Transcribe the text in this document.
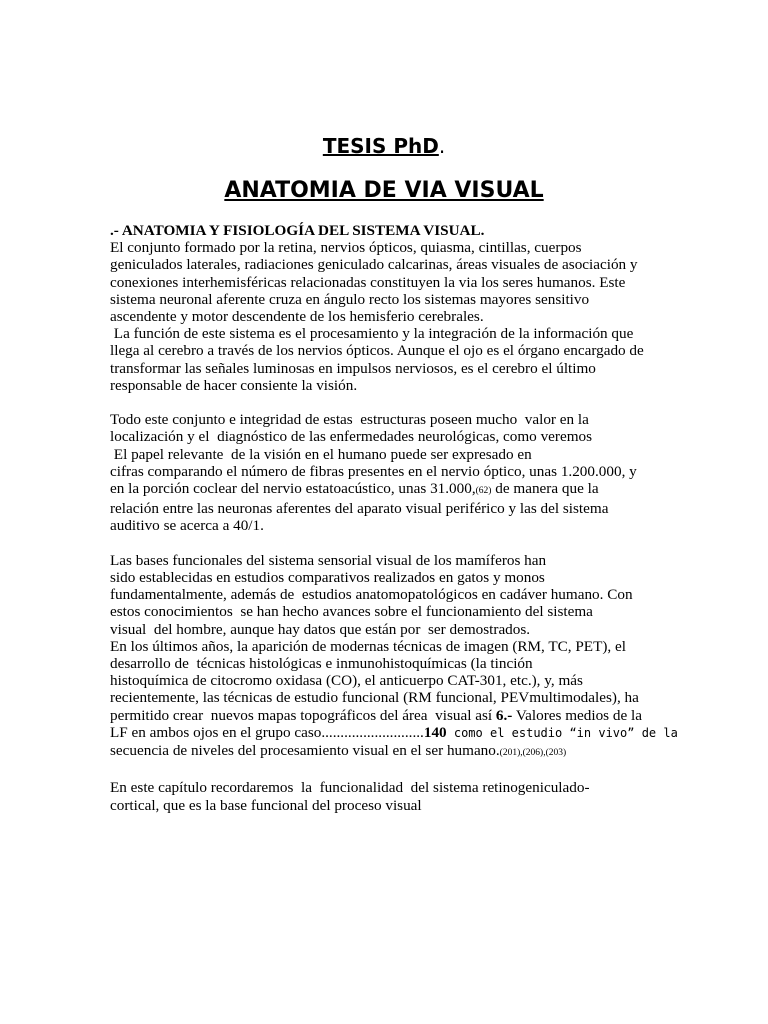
TESIS PhD.
ANATOMIA DE VIA VISUAL
.- ANATOMIA Y FISIOLOGÍA DEL SISTEMA VISUAL.
El conjunto formado por la retina, nervios ópticos, quiasma, cintillas, cuerpos
geniculados laterales, radiaciones geniculado calcarinas, áreas visuales de asociación y
conexiones interhemisféricas relacionadas constituyen la via los seres humanos. Este
sistema neuronal aferente cruza en ángulo recto los sistemas mayores sensitivo
ascendente y motor descendente de los hemisferio cerebrales.
La función de este sistema es el procesamiento y la integración de la información que
llega al cerebro a través de los nervios ópticos. Aunque el ojo es el órgano encargado de
transformar las señales luminosas en impulsos nerviosos, es el cerebro el último
responsable de hacer consiente la visión.
Todo este conjunto e integridad de estas  estructuras poseen mucho  valor en la
localización y el  diagnóstico de las enfermedades neurológicas, como veremos
El papel relevante  de la visión en el humano puede ser expresado en
cifras comparando el número de fibras presentes en el nervio óptico, unas 1.200.000, y
en la porción coclear del nervio estatoacústico, unas 31.000,(62) de manera que la
relación entre las neuronas aferentes del aparato visual periférico y las del sistema
auditivo se acerca a 40/1.
Las bases funcionales del sistema sensorial visual de los mamíferos han
sido establecidas en estudios comparativos realizados en gatos y monos
fundamentalmente, además de  estudios anatomopatológicos en cadáver humano. Con
estos conocimientos  se han hecho avances sobre el funcionamiento del sistema
visual  del hombre, aunque hay datos que están por  ser demostrados.
En los últimos años, la aparición de modernas técnicas de imagen (RM, TC, PET), el
desarrollo de  técnicas histológicas e inmunohistoquímicas (la tinción
histoquímica de citocromo oxidasa (CO), el anticuerpo CAT-301, etc.), y, más
recientemente, las técnicas de estudio funcional (RM funcional, PEVmultimodales), ha
permitido crear  nuevos mapas topográficos del área  visual así 6.- Valores medios de la
LF en ambos ojos en el grupo caso...........................140 como el estudio “in vivo” de la
secuencia de niveles del procesamiento visual en el ser humano.(201),(206),(203)
En este capítulo recordaremos  la  funcionalidad  del sistema retinogeniculado-
cortical, que es la base funcional del proceso visual
